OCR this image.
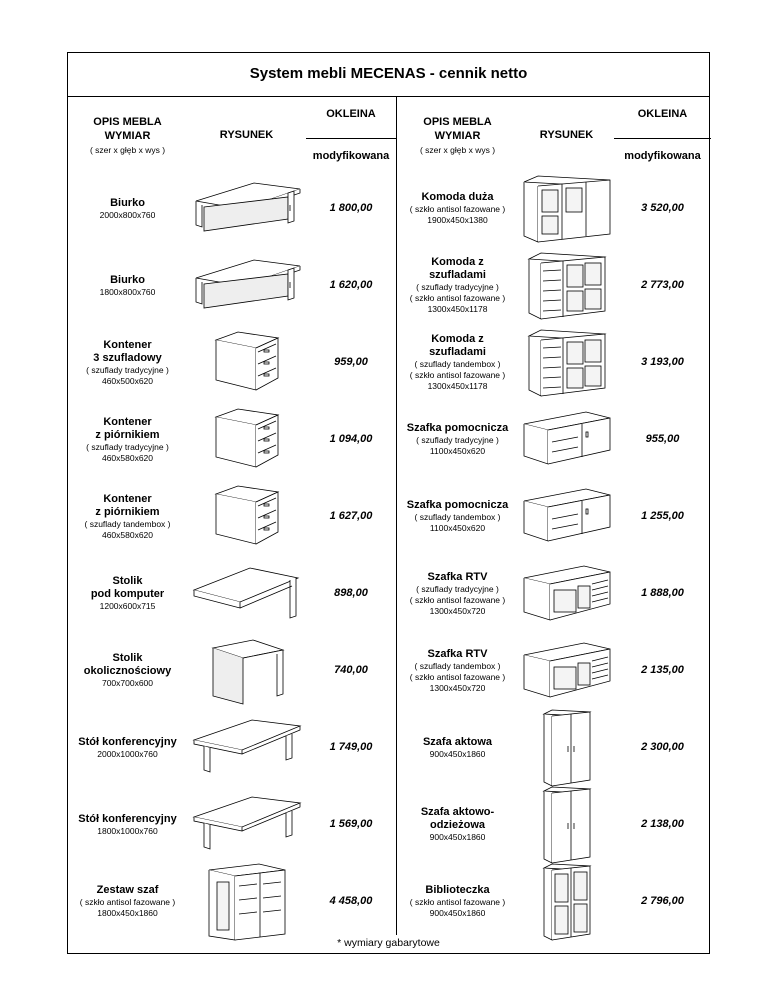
System mebli MECENAS - cennik netto
* wymiary gabarytowe
OPIS MEBLA
WYMIAR
( szer x głęb x wys )
OPIS MEBLA
WYMIAR
( szer x głęb x wys )
RYSUNEK	RYSUNEK
OKLEINA
modyfikowana
OKLEINA
modyfikowana
Biurko
2000x800x760
1 800,00
Biurko
1800x800x760
1 620,00
Kontener
3 szufladowy
( szuflady tradycyjne )
460x500x620
959,00
Kontener
z piórnikiem
( szuflady tradycyjne )
460x580x620
1 094,00
Kontener
z piórnikiem
( szuflady tandembox )
460x580x620
1 627,00
Stolik
pod komputer
1200x600x715
898,00
Stolik
okolicznościowy
700x700x600
740,00
Stół konferencyjny
2000x1000x760
1 749,00
Stół konferencyjny
1800x1000x760
1 569,00
Zestaw szaf
( szkło antisol fazowane )
1800x450x1860
4 458,00
Komoda duża
( szkło antisol fazowane )
1900x450x1380
3 520,00
Komoda z
szufladami
( szuflady tradycyjne )
( szkło antisol fazowane )
1300x450x1178
2 773,00
Komoda z
szufladami
( szuflady tandembox )
( szkło antisol fazowane )
1300x450x1178
3 193,00
Szafka pomocnicza
( szuflady tradycyjne )
1100x450x620
955,00
Szafka pomocnicza
( szuflady tandembox )
1100x450x620
1 255,00
Szafka RTV
( szuflady tradycyjne )
( szkło antisol fazowane )
1300x450x720
1 888,00
Szafka RTV
( szuflady tandembox )
( szkło antisol fazowane )
1300x450x720
2 135,00
Szafa aktowa
900x450x1860
2 300,00
Szafa aktowo-
odzieżowa
900x450x1860
2 138,00
Biblioteczka
( szkło antisol fazowane )
900x450x1860
2 796,00
